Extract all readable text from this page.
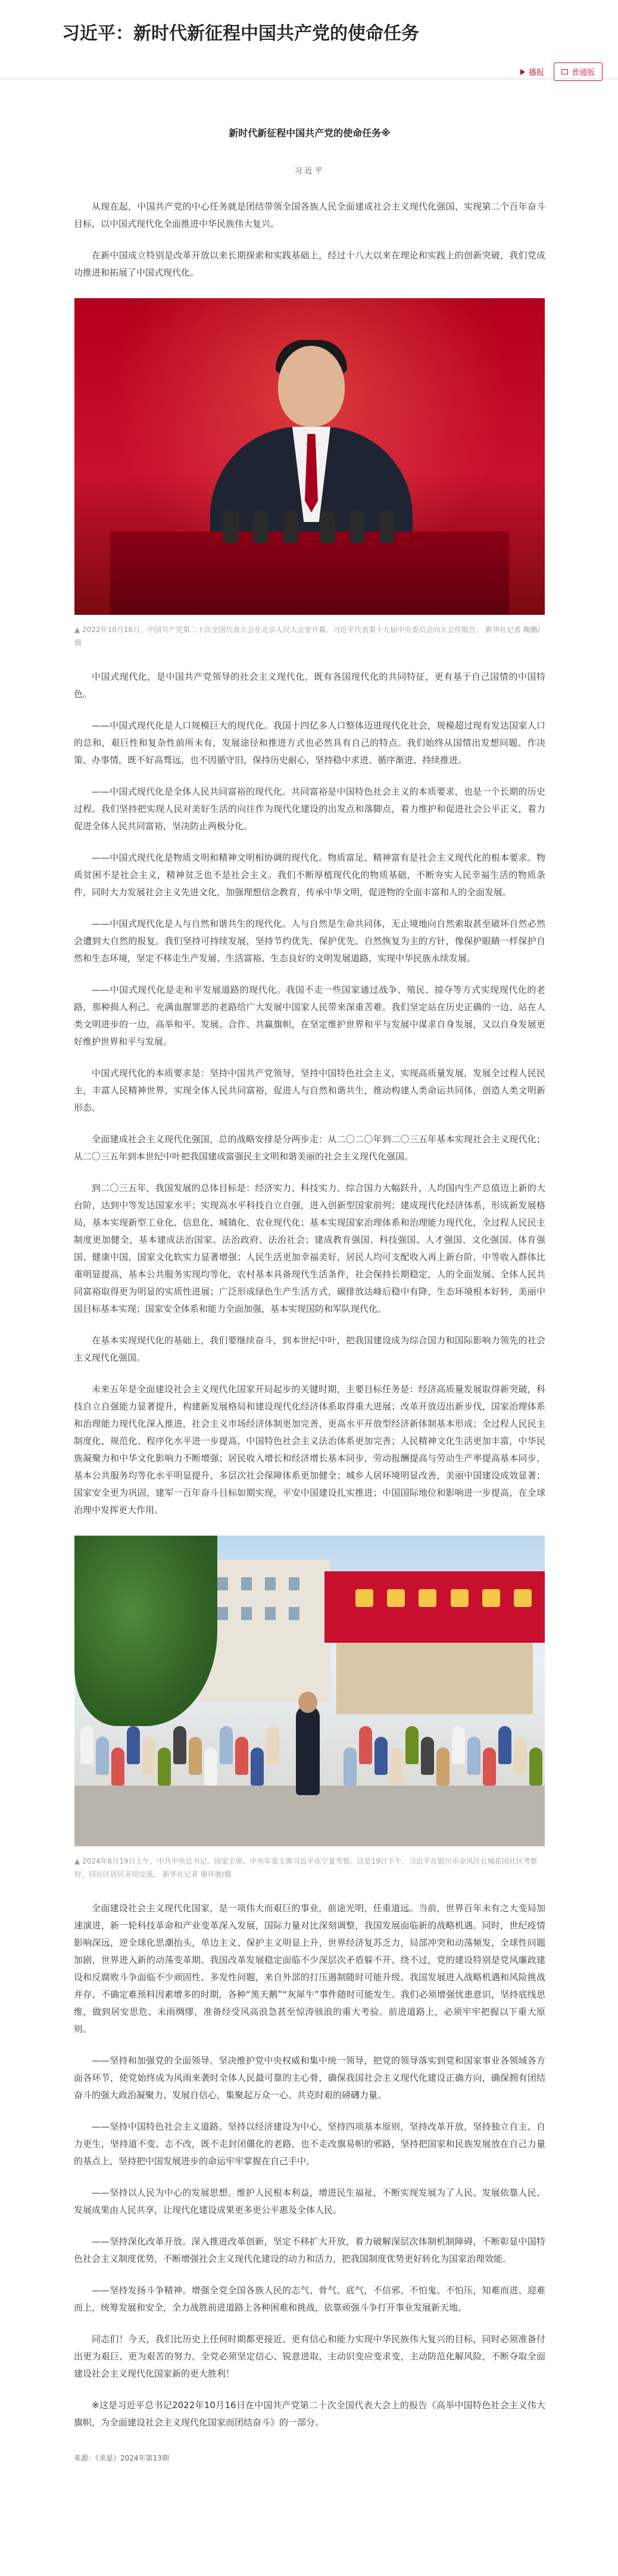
习近平：新时代新征程中国共产党的使命任务
播报	普通版
新时代新征程中国共产党的使命任务※
习近平

从现在起，中国共产党的中心任务就是团结带领全国各族人民全面建成社会主义现代化强国、实现第二个百年奋斗目标，以中国式现代化全面推进中华民族伟大复兴。

在新中国成立特别是改革开放以来长期探索和实践基础上，经过十八大以来在理论和实践上的创新突破，我们党成功推进和拓展了中国式现代化。

▲ 2022年10月16日，中国共产党第二十次全国代表大会在北京人民大会堂开幕。习近平代表第十九届中央委员会向大会作报告。 新华社记者 鞠鹏/摄

中国式现代化，是中国共产党领导的社会主义现代化，既有各国现代化的共同特征，更有基于自己国情的中国特色。

——中国式现代化是人口规模巨大的现代化。我国十四亿多人口整体迈进现代化社会，规模超过现有发达国家人口的总和，艰巨性和复杂性前所未有，发展途径和推进方式也必然具有自己的特点。我们始终从国情出发想问题、作决策、办事情，既不好高骛远，也不因循守旧，保持历史耐心，坚持稳中求进、循序渐进、持续推进。

——中国式现代化是全体人民共同富裕的现代化。共同富裕是中国特色社会主义的本质要求，也是一个长期的历史过程。我们坚持把实现人民对美好生活的向往作为现代化建设的出发点和落脚点，着力维护和促进社会公平正义，着力促进全体人民共同富裕，坚决防止两极分化。

——中国式现代化是物质文明和精神文明相协调的现代化。物质富足、精神富有是社会主义现代化的根本要求。物质贫困不是社会主义，精神贫乏也不是社会主义。我们不断厚植现代化的物质基础，不断夯实人民幸福生活的物质条件，同时大力发展社会主义先进文化，加强理想信念教育，传承中华文明，促进物的全面丰富和人的全面发展。

——中国式现代化是人与自然和谐共生的现代化。人与自然是生命共同体，无止境地向自然索取甚至破坏自然必然会遭到大自然的报复。我们坚持可持续发展，坚持节约优先、保护优先、自然恢复为主的方针，像保护眼睛一样保护自然和生态环境，坚定不移走生产发展、生活富裕、生态良好的文明发展道路，实现中华民族永续发展。

——中国式现代化是走和平发展道路的现代化。我国不走一些国家通过战争、殖民、掠夺等方式实现现代化的老路，那种损人利己、充满血腥罪恶的老路给广大发展中国家人民带来深重苦难。我们坚定站在历史正确的一边、站在人类文明进步的一边，高举和平、发展、合作、共赢旗帜，在坚定维护世界和平与发展中谋求自身发展，又以自身发展更好维护世界和平与发展。

中国式现代化的本质要求是：坚持中国共产党领导，坚持中国特色社会主义，实现高质量发展，发展全过程人民民主，丰富人民精神世界，实现全体人民共同富裕，促进人与自然和谐共生，推动构建人类命运共同体，创造人类文明新形态。

全面建成社会主义现代化强国，总的战略安排是分两步走：从二〇二〇年到二〇三五年基本实现社会主义现代化；从二〇三五年到本世纪中叶把我国建成富强民主文明和谐美丽的社会主义现代化强国。

到二〇三五年，我国发展的总体目标是：经济实力、科技实力、综合国力大幅跃升，人均国内生产总值迈上新的大台阶，达到中等发达国家水平；实现高水平科技自立自强，进入创新型国家前列；建成现代化经济体系，形成新发展格局，基本实现新型工业化、信息化、城镇化、农业现代化；基本实现国家治理体系和治理能力现代化，全过程人民民主制度更加健全，基本建成法治国家、法治政府、法治社会；建成教育强国、科技强国、人才强国、文化强国、体育强国、健康中国，国家文化软实力显著增强；人民生活更加幸福美好，居民人均可支配收入再上新台阶，中等收入群体比重明显提高，基本公共服务实现均等化，农村基本具备现代生活条件，社会保持长期稳定，人的全面发展、全体人民共同富裕取得更为明显的实质性进展；广泛形成绿色生产生活方式，碳排放达峰后稳中有降，生态环境根本好转，美丽中国目标基本实现；国家安全体系和能力全面加强，基本实现国防和军队现代化。

在基本实现现代化的基础上，我们要继续奋斗，到本世纪中叶，把我国建设成为综合国力和国际影响力领先的社会主义现代化强国。

未来五年是全面建设社会主义现代化国家开局起步的关键时期，主要目标任务是：经济高质量发展取得新突破，科技自立自强能力显著提升，构建新发展格局和建设现代化经济体系取得重大进展；改革开放迈出新步伐，国家治理体系和治理能力现代化深入推进，社会主义市场经济体制更加完善，更高水平开放型经济新体制基本形成；全过程人民民主制度化、规范化、程序化水平进一步提高，中国特色社会主义法治体系更加完善；人民精神文化生活更加丰富，中华民族凝聚力和中华文化影响力不断增强；居民收入增长和经济增长基本同步，劳动报酬提高与劳动生产率提高基本同步，基本公共服务均等化水平明显提升，多层次社会保障体系更加健全；城乡人居环境明显改善，美丽中国建设成效显著；国家安全更为巩固，建军一百年奋斗目标如期实现，平安中国建设扎实推进；中国国际地位和影响进一步提高，在全球治理中发挥更大作用。

▲ 2024年6月19日上午，中共中央总书记、国家主席、中央军委主席习近平在宁夏考察。这是19日下午，习近平在银川市金凤区长城花园社区考察时，同社区居民亲切交流。 新华社记者 谢环驰/摄

全面建设社会主义现代化国家，是一项伟大而艰巨的事业，前途光明，任重道远。当前，世界百年未有之大变局加速演进，新一轮科技革命和产业变革深入发展，国际力量对比深刻调整，我国发展面临新的战略机遇。同时，世纪疫情影响深远，逆全球化思潮抬头，单边主义、保护主义明显上升，世界经济复苏乏力，局部冲突和动荡频发，全球性问题加剧，世界进入新的动荡变革期。我国改革发展稳定面临不少深层次矛盾躲不开、绕不过，党的建设特别是党风廉政建设和反腐败斗争面临不少顽固性、多发性问题，来自外部的打压遏制随时可能升级。我国发展进入战略机遇和风险挑战并存、不确定难预料因素增多的时期，各种“黑天鹅”“灰犀牛”事件随时可能发生。我们必须增强忧患意识，坚持底线思维，做到居安思危、未雨绸缪，准备经受风高浪急甚至惊涛骇浪的重大考验。前进道路上，必须牢牢把握以下重大原则。

——坚持和加强党的全面领导。坚决维护党中央权威和集中统一领导，把党的领导落实到党和国家事业各领域各方面各环节，使党始终成为风雨来袭时全体人民最可靠的主心骨，确保我国社会主义现代化建设正确方向，确保拥有团结奋斗的强大政治凝聚力、发展自信心，集聚起万众一心、共克时艰的磅礴力量。

——坚持中国特色社会主义道路。坚持以经济建设为中心，坚持四项基本原则，坚持改革开放，坚持独立自主、自力更生，坚持道不变、志不改，既不走封闭僵化的老路，也不走改旗易帜的邪路，坚持把国家和民族发展放在自己力量的基点上，坚持把中国发展进步的命运牢牢掌握在自己手中。

——坚持以人民为中心的发展思想。维护人民根本利益，增进民生福祉，不断实现发展为了人民、发展依靠人民、发展成果由人民共享，让现代化建设成果更多更公平惠及全体人民。

——坚持深化改革开放。深入推进改革创新，坚定不移扩大开放，着力破解深层次体制机制障碍，不断彰显中国特色社会主义制度优势，不断增强社会主义现代化建设的动力和活力，把我国制度优势更好转化为国家治理效能。

——坚持发扬斗争精神。增强全党全国各族人民的志气、骨气、底气，不信邪、不怕鬼、不怕压，知难而进、迎难而上，统筹发展和安全，全力战胜前进道路上各种困难和挑战，依靠顽强斗争打开事业发展新天地。

同志们！今天，我们比历史上任何时期都更接近、更有信心和能力实现中华民族伟大复兴的目标，同时必须准备付出更为艰巨、更为艰苦的努力。全党必须坚定信心、锐意进取，主动识变应变求变，主动防范化解风险，不断夺取全面建设社会主义现代化国家新的更大胜利！

※这是习近平总书记2022年10月16日在中国共产党第二十次全国代表大会上的报告《高举中国特色社会主义伟大旗帜，为全面建设社会主义现代化国家而团结奋斗》的一部分。

来源：《求是》2024年第13期
